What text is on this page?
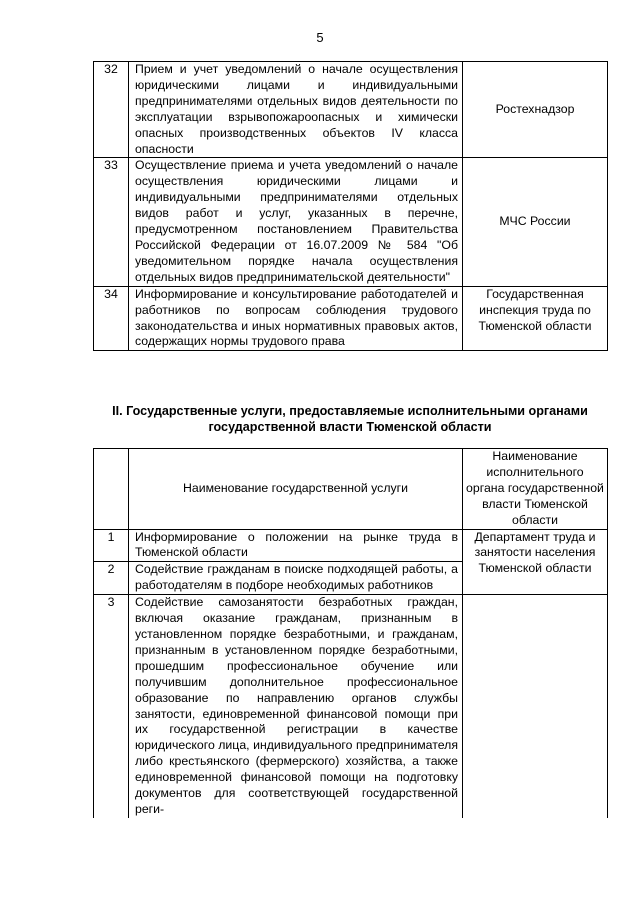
5
32	Прием и учет уведомлений о начале осуществления юридическими лицами и индивидуальными предпринимателями отдельных видов деятельности по эксплуатации взрывопожароопасных и химически опасных производственных объектов IV класса опасности	Ростехнадзор
33	Осуществление приема и учета уведомлений о начале осуществления юридическими лицами и индивидуальными предпринимателями отдельных видов работ и услуг, указанных в перечне, предусмотренном постановлением Правительства Российской Федерации от 16.07.2009 № 584 "Об уведомительном порядке начала осуществления отдельных видов предпринимательской деятельности"	МЧС России
34	Информирование и консультирование работодателей и работников по вопросам соблюдения трудового законодательства и иных нормативных правовых актов, содержащих нормы трудового права	Государственная инспекция труда по Тюменской области
II. Государственные услуги, предоставляемые исполнительными органами государственной власти Тюменской области
	Наименование государственной услуги	Наименование исполнительного органа государственной власти Тюменской области
1	Информирование о положении на рынке труда в Тюменской области	Департамент труда и занятости населения Тюменской области
2	Содействие гражданам в поиске подходящей работы, а работодателям в подборе необходимых работников	
3	Содействие самозанятости безработных граждан, включая оказание гражданам, признанным в установленном порядке безработными, и гражданам, признанным в установленном порядке безработными, прошедшим профессиональное обучение или получившим дополнительное профессиональное образование по направлению органов службы занятости, единовременной финансовой помощи при их государственной регистрации в качестве юридического лица, индивидуального предпринимателя либо крестьянского (фермерского) хозяйства, а также единовременной финансовой помощи на подготовку документов для соответствующей государственной реги-	
